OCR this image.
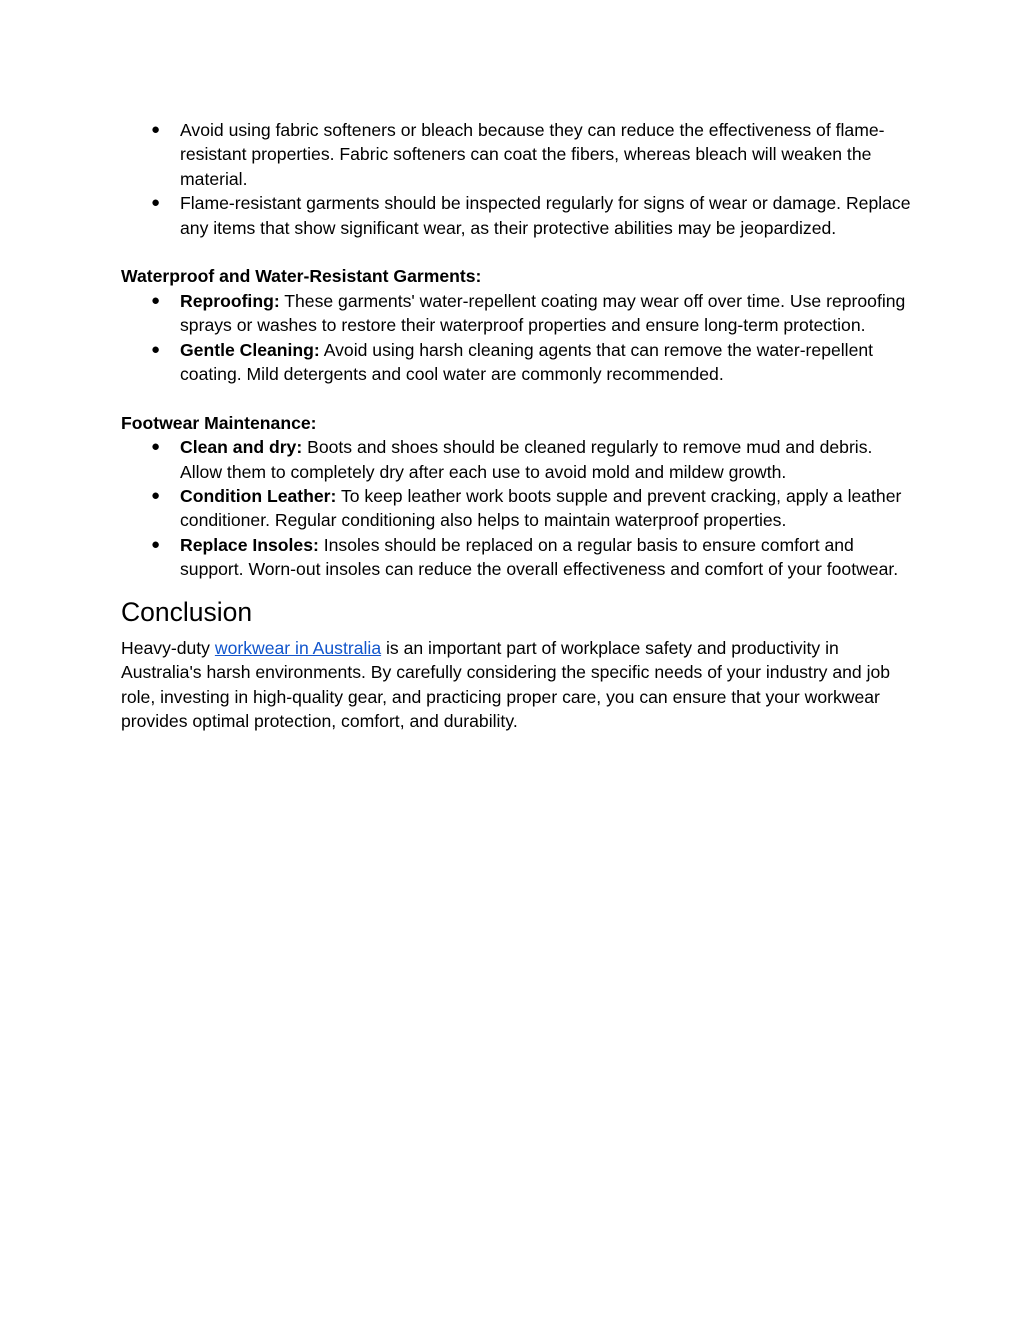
● Avoid using fabric softeners or bleach because they can reduce the effectiveness of flame-resistant properties. Fabric softeners can coat the fibers, whereas bleach will weaken the material.
● Flame-resistant garments should be inspected regularly for signs of wear or damage. Replace any items that show significant wear, as their protective abilities may be jeopardized.

Waterproof and Water-Resistant Garments:

● Reproofing: These garments' water-repellent coating may wear off over time. Use reproofing sprays or washes to restore their waterproof properties and ensure long-term protection.
● Gentle Cleaning: Avoid using harsh cleaning agents that can remove the water-repellent coating. Mild detergents and cool water are commonly recommended.

Footwear Maintenance:

● Clean and dry: Boots and shoes should be cleaned regularly to remove mud and debris. Allow them to completely dry after each use to avoid mold and mildew growth.
● Condition Leather: To keep leather work boots supple and prevent cracking, apply a leather conditioner. Regular conditioning also helps to maintain waterproof properties.
● Replace Insoles: Insoles should be replaced on a regular basis to ensure comfort and support. Worn-out insoles can reduce the overall effectiveness and comfort of your footwear.
Conclusion

Heavy-duty workwear in Australia is an important part of workplace safety and productivity in Australia's harsh environments. By carefully considering the specific needs of your industry and job role, investing in high-quality gear, and practicing proper care, you can ensure that your workwear provides optimal protection, comfort, and durability.
